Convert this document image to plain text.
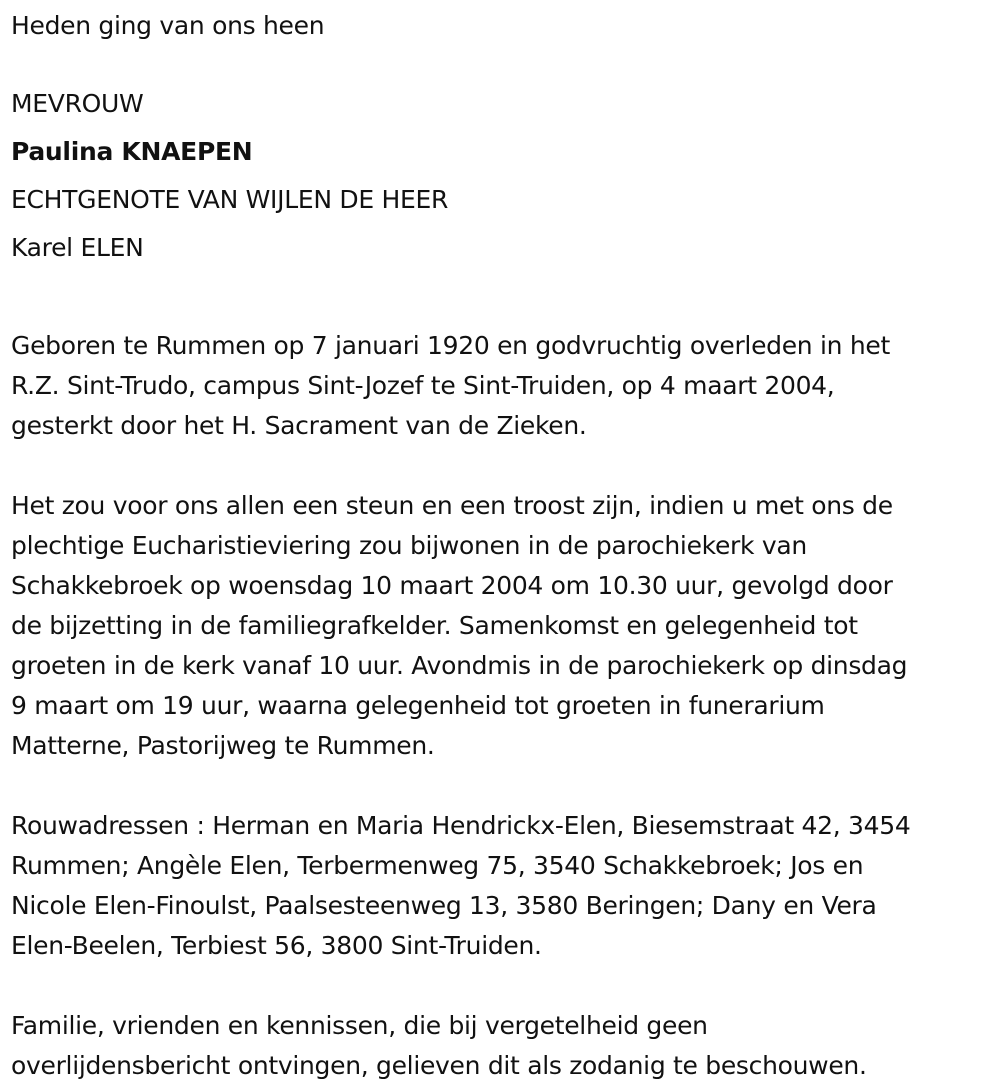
Heden ging van ons heen
MEVROUW
Paulina KNAEPEN
ECHTGENOTE VAN WIJLEN DE HEER
Karel ELEN
Geboren te Rummen op 7 januari 1920 en godvruchtig overleden in het
R.Z. Sint-Trudo, campus Sint-Jozef te Sint-Truiden, op 4 maart 2004,
gesterkt door het H. Sacrament van de Zieken.
Het zou voor ons allen een steun en een troost zijn, indien u met ons de
plechtige Eucharistieviering zou bijwonen in de parochiekerk van
Schakkebroek op woensdag 10 maart 2004 om 10.30 uur, gevolgd door
de bijzetting in de familiegrafkelder. Samenkomst en gelegenheid tot
groeten in de kerk vanaf 10 uur. Avondmis in de parochiekerk op dinsdag
9 maart om 19 uur, waarna gelegenheid tot groeten in funerarium
Matterne, Pastorijweg te Rummen.
Rouwadressen : Herman en Maria Hendrickx-Elen, Biesemstraat 42, 3454
Rummen; Angèle Elen, Terbermenweg 75, 3540 Schakkebroek; Jos en
Nicole Elen-Finoulst, Paalsesteenweg 13, 3580 Beringen; Dany en Vera
Elen-Beelen, Terbiest 56, 3800 Sint-Truiden.
Familie, vrienden en kennissen, die bij vergetelheid geen
overlijdensbericht ontvingen, gelieven dit als zodanig te beschouwen.
